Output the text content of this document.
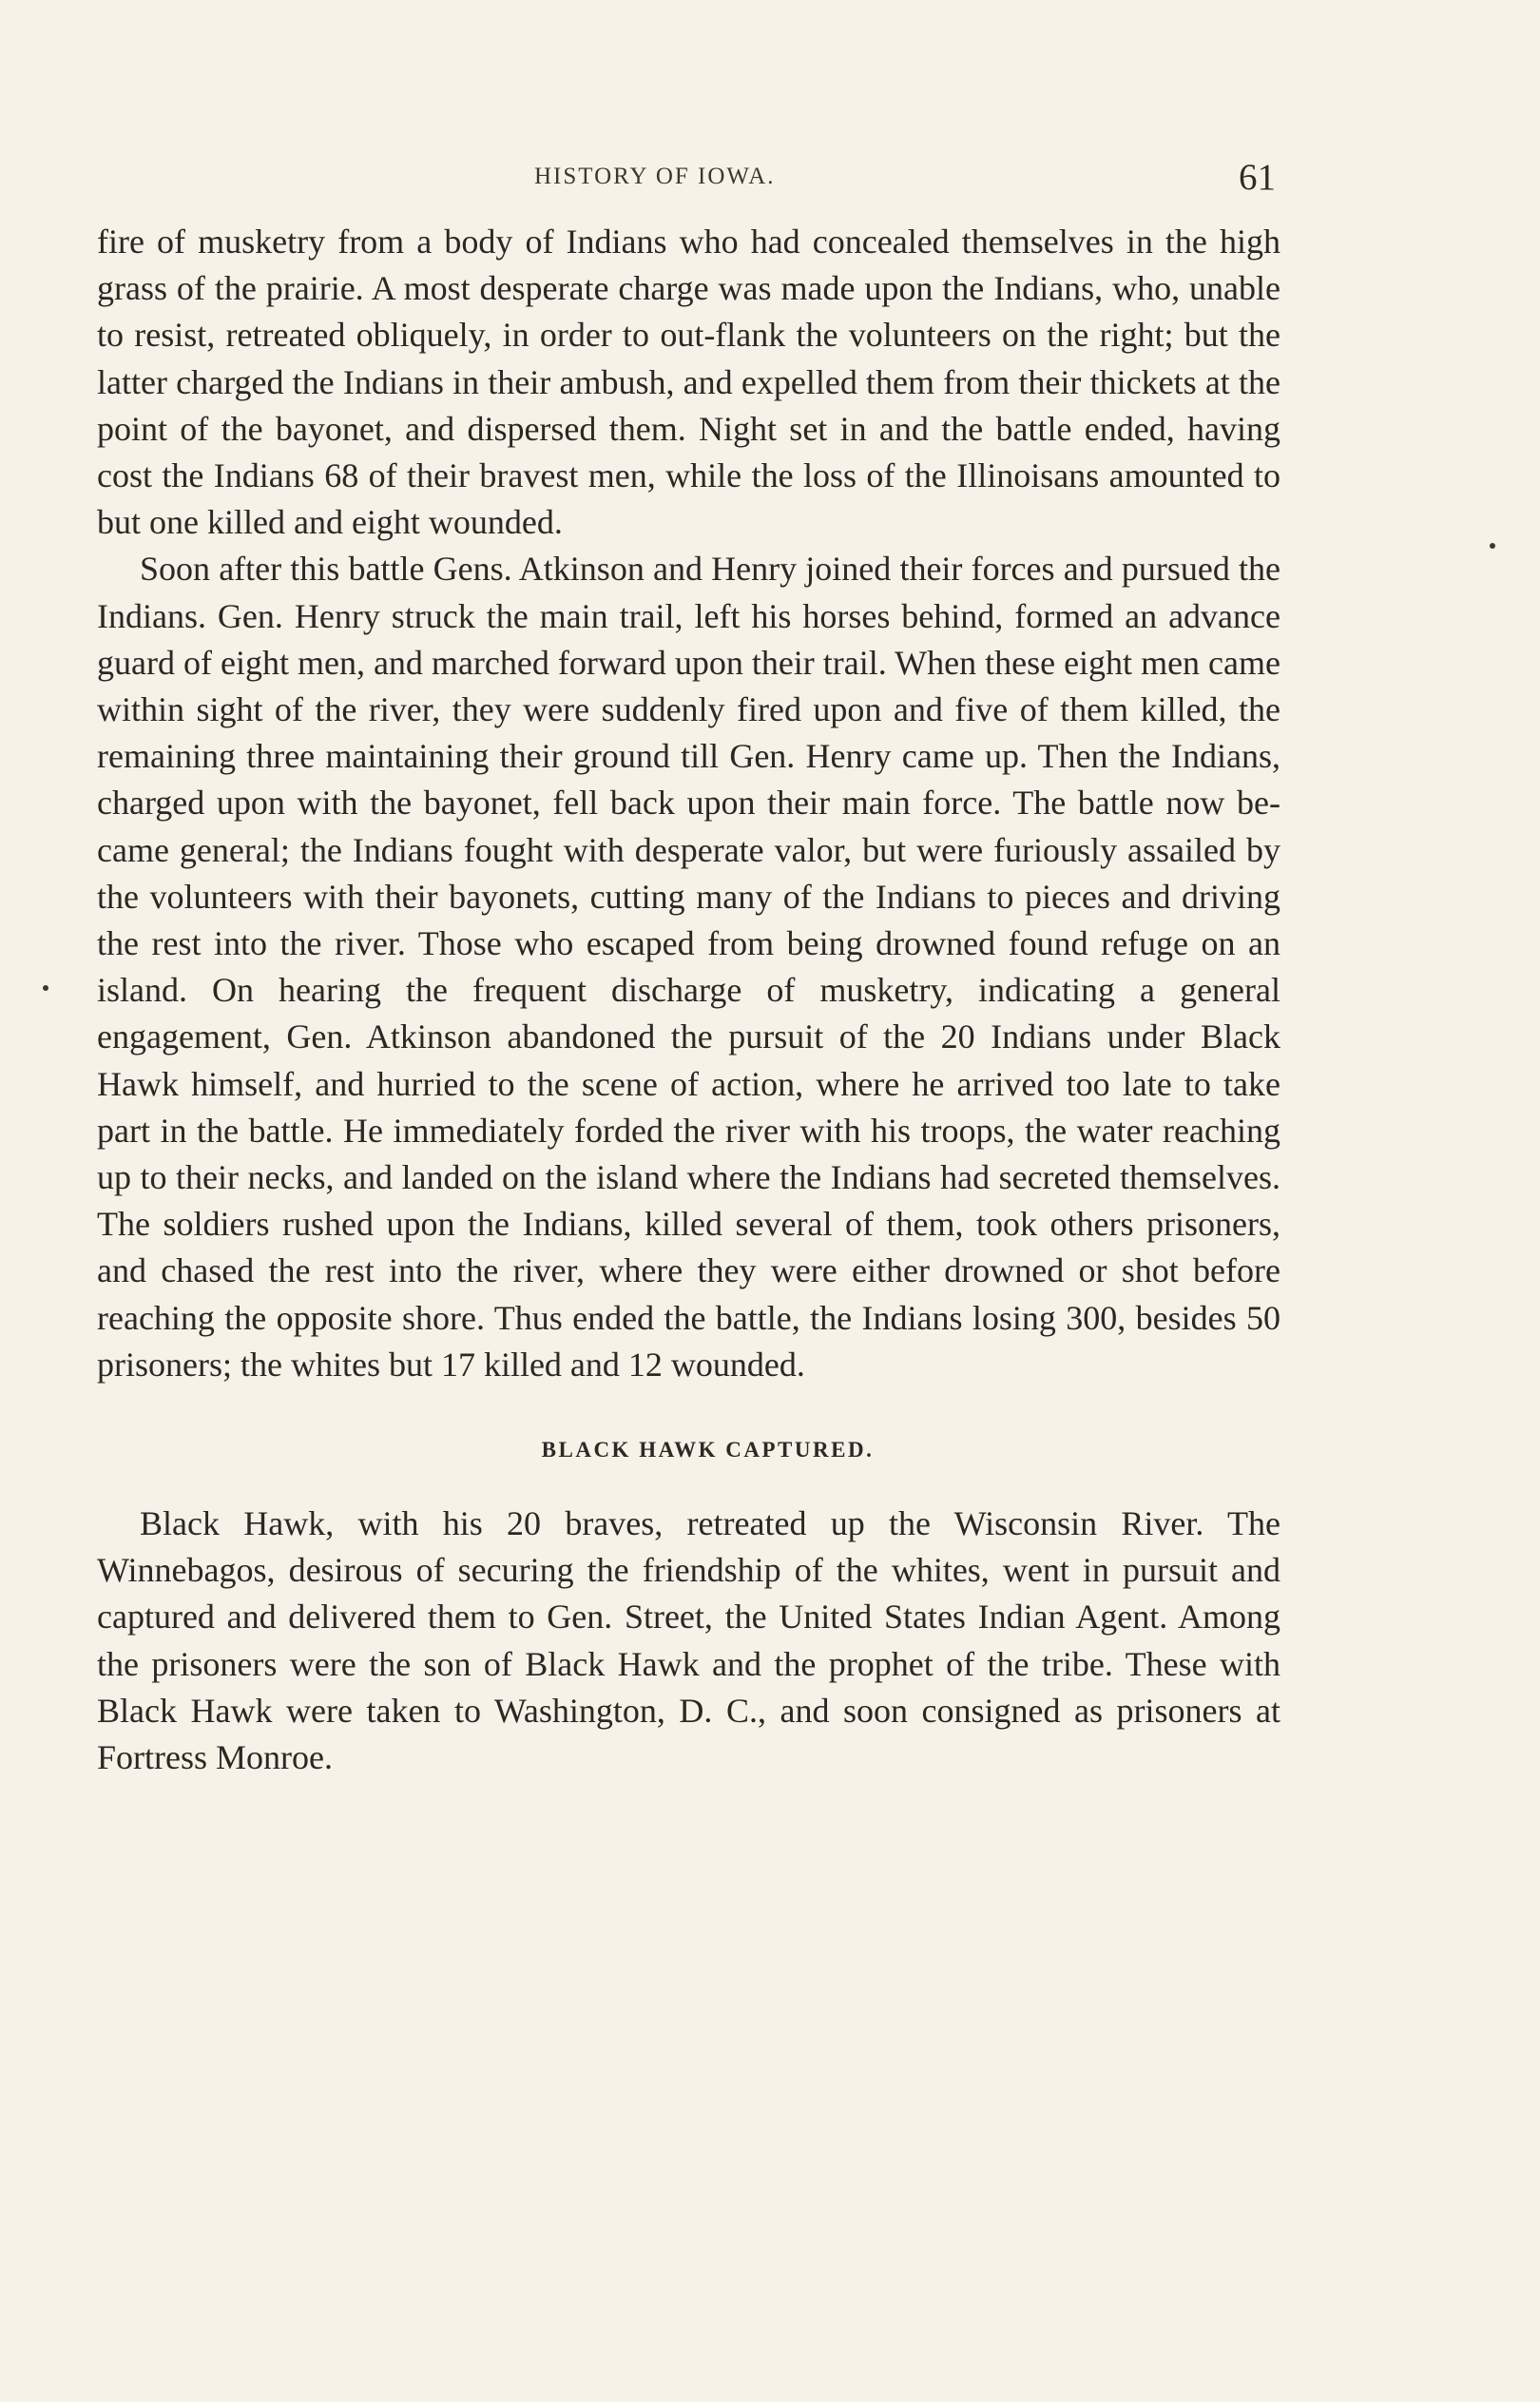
HISTORY OF IOWA.	61

fire of musketry from a body of Indians who had concealed themselves in the high grass of the prairie. A most desperate charge was made upon the Indians, who, unable to resist, retreated obliquely, in order to out-flank the volunteers on the right; but the latter charged the Indians in their ambush, and expelled them from their thickets at the point of the bayonet, and dispersed them. Night set in and the battle ended, having cost the Indians 68 of their bravest men, while the loss of the Illinoisans amounted to but one killed and eight wounded.

Soon after this battle Gens. Atkinson and Henry joined their forces and pursued the Indians. Gen. Henry struck the main trail, left his horses behind, formed an advance guard of eight men, and marched forward upon their trail. When these eight men came within sight of the river, they were suddenly fired upon and five of them killed, the remaining three maintaining their ground till Gen. Henry came up. Then the Indians, charged upon with the bayonet, fell back upon their main force. The battle now became general; the Indians fought with desperate valor, but were furiously assailed by the volunteers with their bayonets, cutting many of the Indians to pieces and driving the rest into the river. Those who escaped from being drowned found refuge on an island. On hearing the frequent discharge of musketry, indicating a general engagement, Gen. Atkinson abandoned the pursuit of the 20 Indians under Black Hawk himself, and hurried to the scene of action, where he arrived too late to take part in the battle. He immediately forded the river with his troops, the water reaching up to their necks, and landed on the island where the Indians had secreted themselves. The soldiers rushed upon the Indians, killed several of them, took others prisoners, and chased the rest into the river, where they were either drowned or shot before reaching the opposite shore. Thus ended the battle, the Indians losing 300, besides 50 prisoners; the whites but 17 killed and 12 wounded.

BLACK HAWK CAPTURED.

Black Hawk, with his 20 braves, retreated up the Wisconsin River. The Winnebagos, desirous of securing the friendship of the whites, went in pursuit and captured and delivered them to Gen. Street, the United States Indian Agent. Among the prisoners were the son of Black Hawk and the prophet of the tribe. These with Black Hawk were taken to Washington, D. C., and soon consigned as prisoners at Fortress Monroe.
